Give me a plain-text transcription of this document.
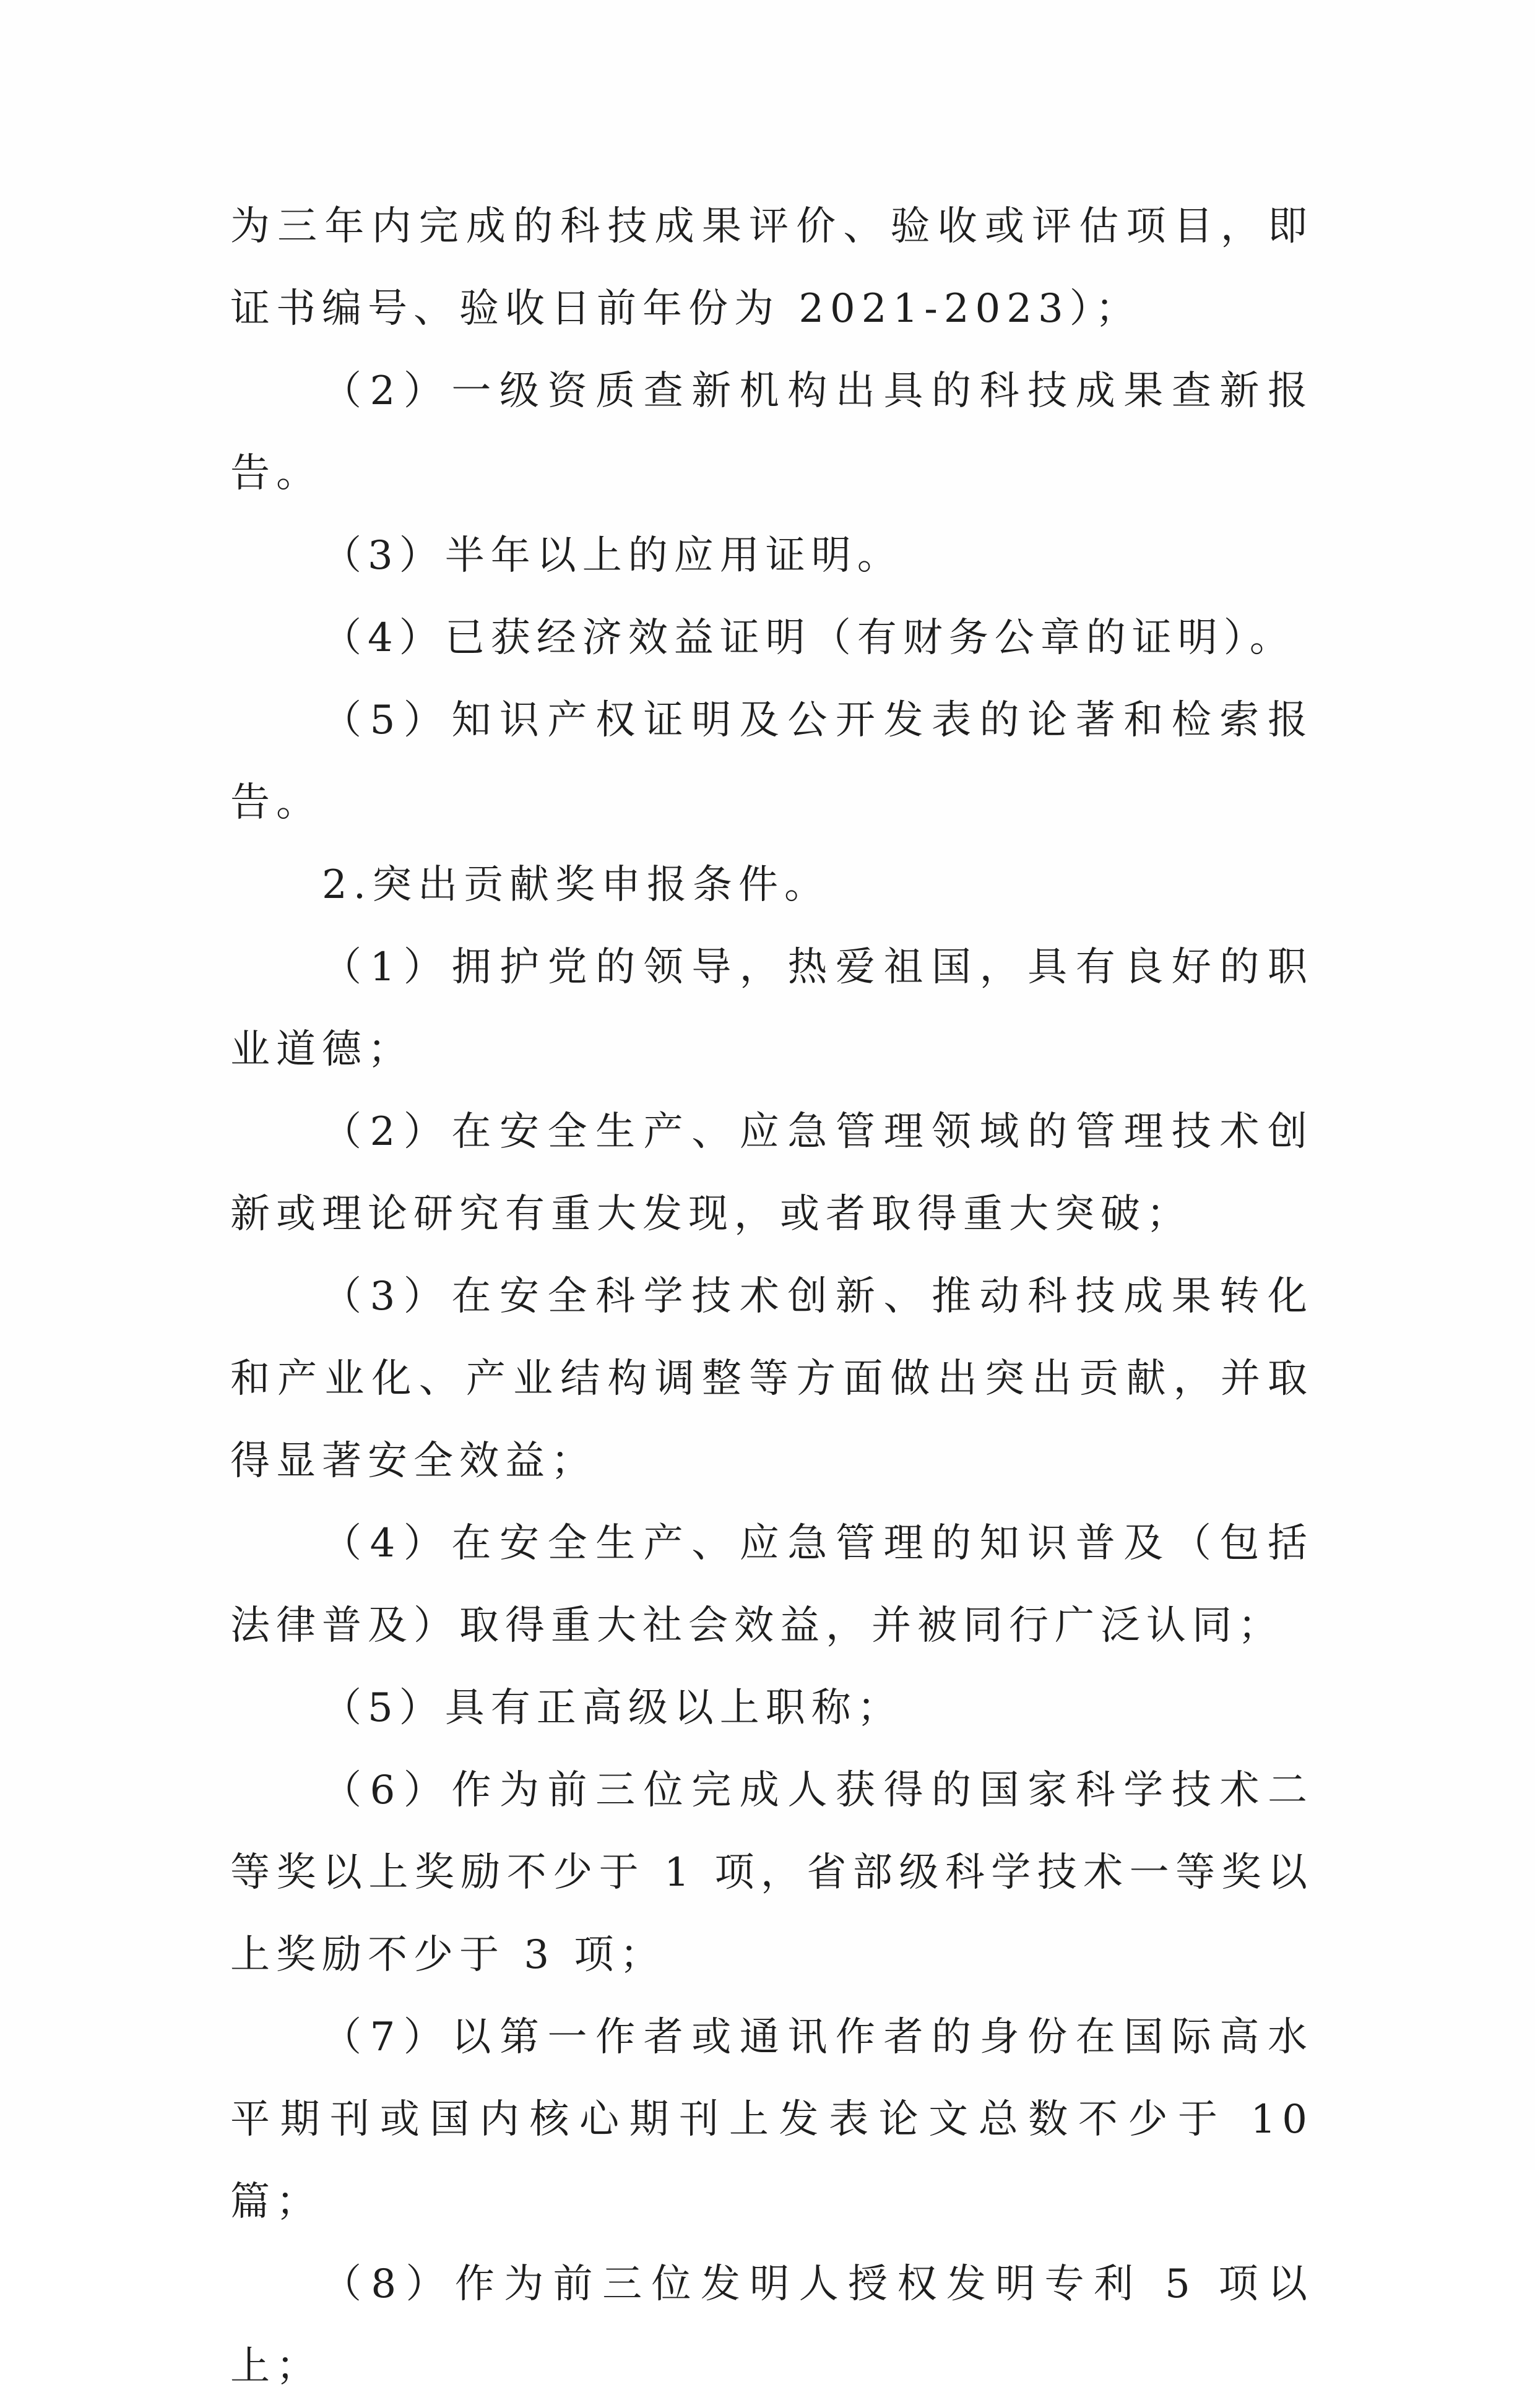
为三年内完成的科技成果评价、验收或评估项目，即证书编号、验收日前年份为 2021-2023）；

（2）一级资质查新机构出具的科技成果查新报告。

（3）半年以上的应用证明。

（4）已获经济效益证明（有财务公章的证明）。

（5）知识产权证明及公开发表的论著和检索报告。

2.突出贡献奖申报条件。

（1）拥护党的领导，热爱祖国，具有良好的职业道德；

（2）在安全生产、应急管理领域的管理技术创新或理论研究有重大发现，或者取得重大突破；

（3）在安全科学技术创新、推动科技成果转化和产业化、产业结构调整等方面做出突出贡献，并取得显著安全效益；

（4）在安全生产、应急管理的知识普及（包括法律普及）取得重大社会效益，并被同行广泛认同；

（5）具有正高级以上职称；

（6）作为前三位完成人获得的国家科学技术二等奖以上奖励不少于 1 项，省部级科学技术一等奖以上奖励不少于 3 项；

（7）以第一作者或通讯作者的身份在国际高水平期刊或国内核心期刊上发表论文总数不少于 10 篇；

（8）作为前三位发明人授权发明专利 5 项以上；
